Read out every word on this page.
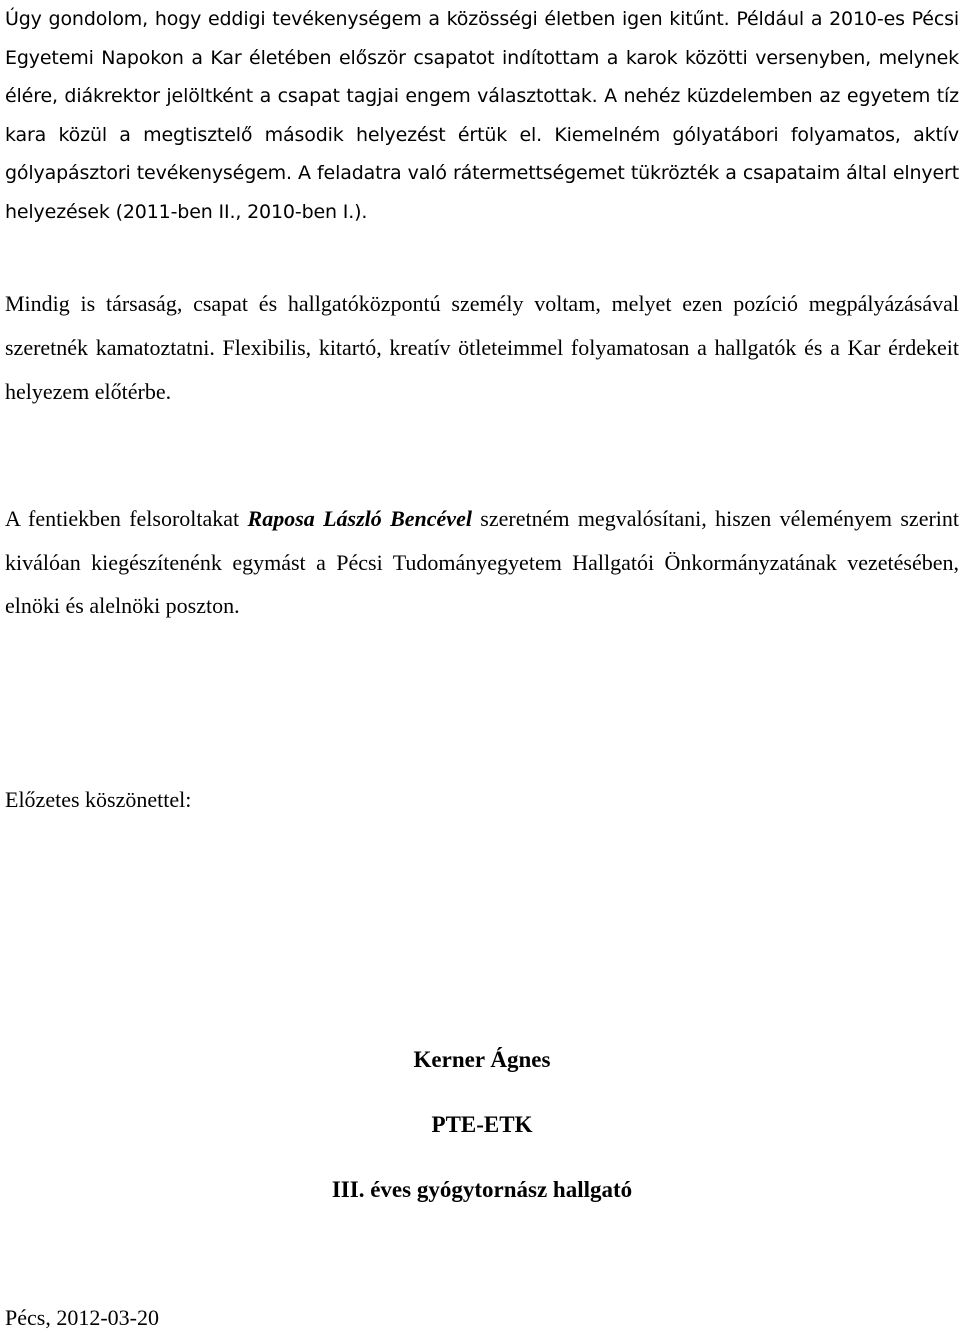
Úgy gondolom, hogy eddigi tevékenységem a közösségi életben igen kitűnt. Például a 2010-es Pécsi Egyetemi Napokon a Kar életében először csapatot indítottam a karok közötti versenyben, melynek élére, diákrektor jelöltként a csapat tagjai engem választottak. A nehéz küzdelemben az egyetem tíz kara közül a megtisztelő második helyezést értük el. Kiemelném gólyatábori folyamatos, aktív gólyapásztori tevékenységem. A feladatra való rátermettségemet tükrözték a csapataim által elnyert helyezések (2011-ben II., 2010-ben I.).

Mindig is társaság, csapat és hallgatóközpontú személy voltam, melyet ezen pozíció megpályázásával szeretnék kamatoztatni. Flexibilis, kitartó, kreatív ötleteimmel folyamatosan a hallgatók és a Kar érdekeit helyezem előtérbe.

A fentiekben felsoroltakat Raposa László Bencével szeretném megvalósítani, hiszen véleményem szerint kiválóan kiegészítenénk egymást a Pécsi Tudományegyetem Hallgatói Önkormányzatának vezetésében, elnöki és alelnöki poszton.

Előzetes köszönettel:
Kerner Ágnes
PTE-ETK
III. éves gyógytornász hallgató
Pécs, 2012-03-20
